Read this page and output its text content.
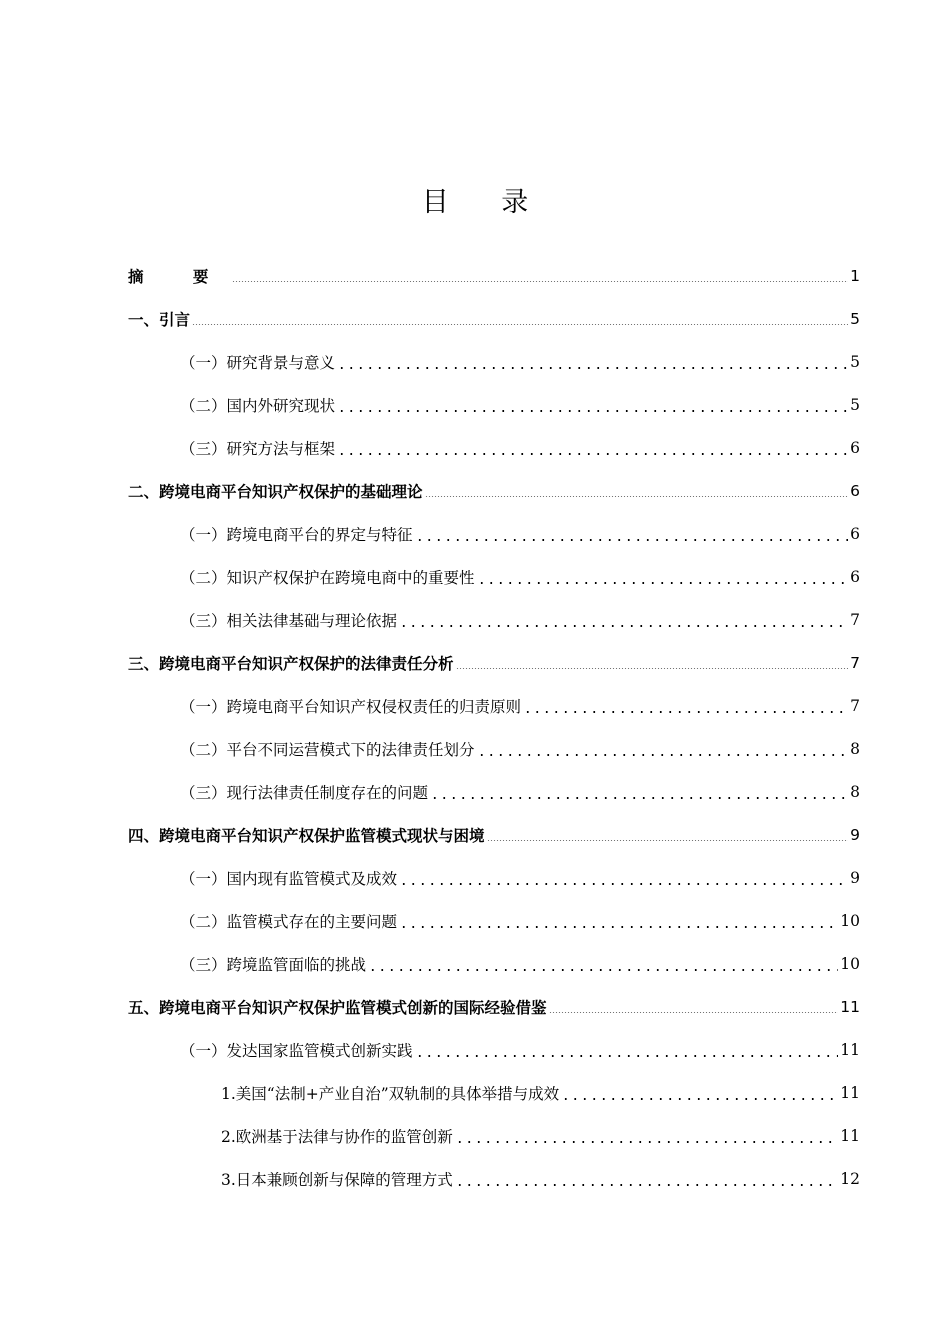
目 录
摘 要	1
一、引言	5
（一）研究背景与意义	5
（二）国内外研究现状	5
（三）研究方法与框架	6
二、跨境电商平台知识产权保护的基础理论	6
（一）跨境电商平台的界定与特征	6
（二）知识产权保护在跨境电商中的重要性	6
（三）相关法律基础与理论依据	7
三、跨境电商平台知识产权保护的法律责任分析	7
（一）跨境电商平台知识产权侵权责任的归责原则	7
（二）平台不同运营模式下的法律责任划分	8
（三）现行法律责任制度存在的问题	8
四、跨境电商平台知识产权保护监管模式现状与困境	9
（一）国内现有监管模式及成效	9
（二）监管模式存在的主要问题	10
（三）跨境监管面临的挑战	10
五、跨境电商平台知识产权保护监管模式创新的国际经验借鉴	11
（一）发达国家监管模式创新实践	11
1.美国“法制+产业自治”双轨制的具体举措与成效	11
2.欧洲基于法律与协作的监管创新	11
3.日本兼顾创新与保障的管理方式	12
